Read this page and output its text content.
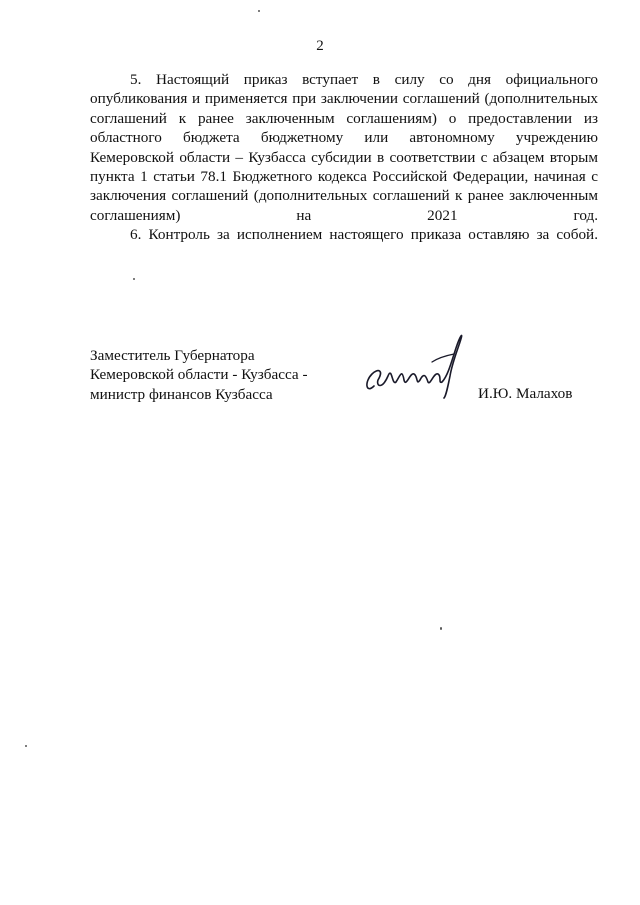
2

5. Настоящий приказ вступает в силу со дня официального опубликования и применяется при заключении соглашений (дополнительных соглашений к ранее заключенным соглашениям) о предоставлении из областного бюджета бюджетному или автономному учреждению Кемеровской области – Кузбасса субсидии в соответствии с абзацем вторым пункта 1 статьи 78.1 Бюджетного кодекса Российской Федерации, начиная с заключения соглашений (дополнительных соглашений к ранее заключенным соглашениям) на 2021 год.

6. Контроль за исполнением настоящего приказа оставляю за собой.

Заместитель Губернатора
Кемеровской области - Кузбасса -
министр финансов Кузбасса	И.Ю. Малахов
